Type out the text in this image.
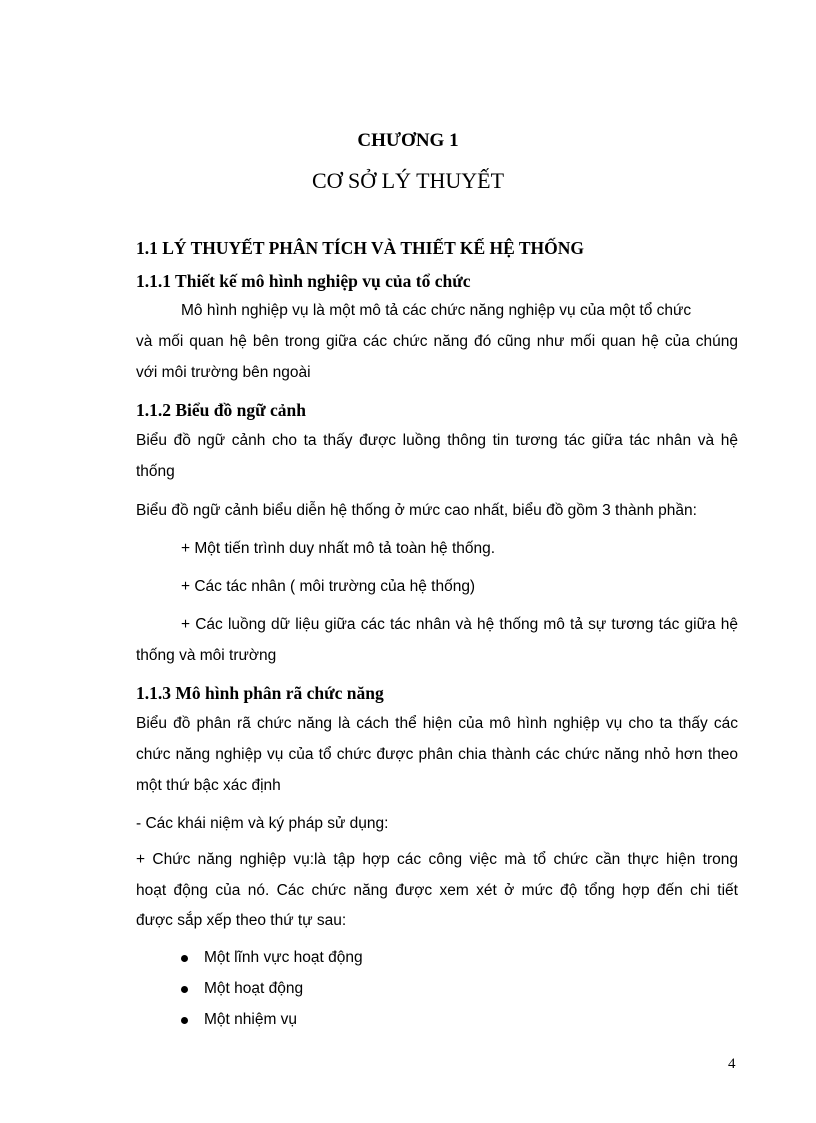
CHƯƠNG 1
CƠ SỞ LÝ THUYẾT
1.1 LÝ THUYẾT PHÂN TÍCH VÀ THIẾT KẾ HỆ THỐNG
1.1.1 Thiết kế mô hình nghiệp vụ của tổ chức
Mô hình nghiệp vụ là một mô tả các chức năng nghiệp vụ của một tổ chức
và mối quan hệ bên trong giữa các chức năng đó cũng như mối quan hệ của chúng
với môi trường bên ngoài
1.1.2 Biểu đồ ngữ cảnh
Biểu đồ ngữ cảnh cho ta thấy được luồng thông tin tương tác giữa tác nhân và hệ
thống
Biểu đồ ngữ cảnh biểu diễn hệ thống ở mức cao nhất, biểu đồ gồm 3 thành phần:
+ Một tiến trình duy nhất mô tả toàn hệ thống.
+ Các tác nhân ( môi trường của hệ thống)
+ Các luồng dữ liệu giữa các tác nhân và hệ thống mô tả sự tương tác giữa hệ
thống và môi trường
1.1.3 Mô hình phân rã chức năng
Biểu đồ phân rã chức năng là cách thể hiện của mô hình nghiệp vụ cho ta thấy các
chức năng nghiệp vụ của tổ chức được phân chia thành các chức năng nhỏ hơn theo
một thứ bậc xác định
- Các khái niệm và ký pháp sử dụng:
+ Chức năng nghiệp vụ:là tập hợp các công việc mà tổ chức cần thực hiện trong
hoạt động của nó. Các chức năng được xem xét ở mức độ tổng hợp đến chi tiết
được sắp xếp theo thứ tự sau:
Một lĩnh vực hoạt động
Một hoạt động
Một nhiệm vụ
4
